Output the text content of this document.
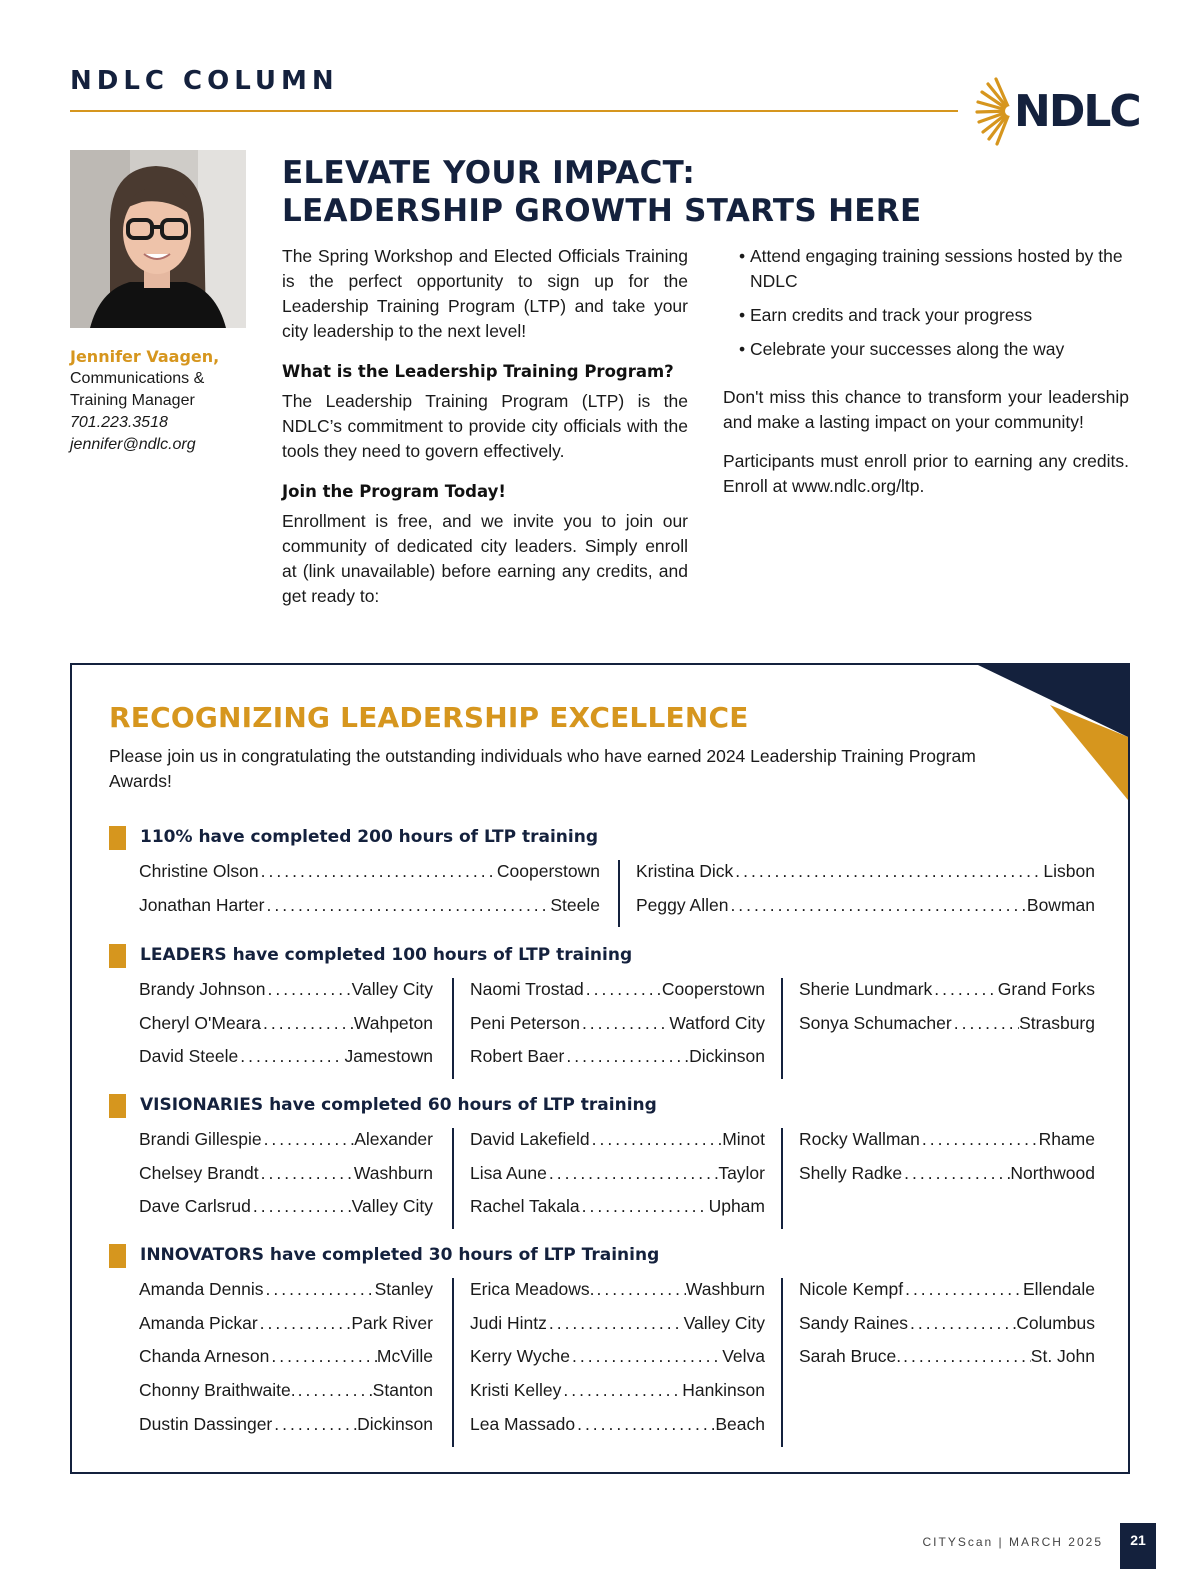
NDLC COLUMN
NDLC
Jennifer Vaagen,
Communications &
Training Manager
701.223.3518
jennifer@ndlc.org
ELEVATE YOUR IMPACT:
LEADERSHIP GROWTH STARTS HERE

The Spring Workshop and Elected Officials Training is the perfect opportunity to sign up for the Leadership Training Program (LTP) and take your city leadership to the next level!

What is the Leadership Training Program?

The Leadership Training Program (LTP) is the NDLC’s commitment to provide city officials with the tools they need to govern effectively.

Join the Program Today!

Enrollment is free, and we invite you to join our community of dedicated city leaders. Simply enroll at (link unavailable) before earning any credits, and get ready to:

• Attend engaging training sessions hosted by the NDLC
• Earn credits and track your progress
• Celebrate your successes along the way

Don't miss this chance to transform your leadership and make a lasting impact on your community!

Participants must enroll prior to earning any credits. Enroll at www.ndlc.org/ltp.

RECOGNIZING LEADERSHIP EXCELLENCE
Please join us in congratulating the outstanding individuals who have earned 2024 Leadership Training Program Awards!
110% have completed 200 hours of LTP training
Christine Olson .....	Cooperstown
Jonathan Harter .....	Steele
Kristina Dick .....	Lisbon
Peggy Allen .....	Bowman
LEADERS have completed 100 hours of LTP training
Brandy Johnson .....	Valley City
Cheryl O'Meara .....	Wahpeton
David Steele .....	Jamestown
Naomi Trostad .....	Cooperstown
Peni Peterson .....	Watford City
Robert Baer .....	Dickinson
Sherie Lundmark .....	Grand Forks
Sonya Schumacher .....	Strasburg
VISIONARIES have completed 60 hours of LTP training
Brandi Gillespie .....	Alexander
Chelsey Brandt .....	Washburn
Dave Carlsrud .....	Valley City
David Lakefield .....	Minot
Lisa Aune .....	Taylor
Rachel Takala .....	Upham
Rocky Wallman .....	Rhame
Shelly Radke .....	Northwood
INNOVATORS have completed 30 hours of LTP Training
Amanda Dennis .....	Stanley
Amanda Pickar .....	Park River
Chanda Arneson .....	McVille
Chonny Braithwaite. .....	Stanton
Dustin Dassinger .....	Dickinson
Erica Meadows. .....	Washburn
Judi Hintz .....	Valley City
Kerry Wyche .....	Velva
Kristi Kelley .....	Hankinson
Lea Massado .....	Beach
Nicole Kempf .....	Ellendale
Sandy Raines .....	Columbus
Sarah Bruce. .....	St. John
CITYScan | MARCH 2025	21
